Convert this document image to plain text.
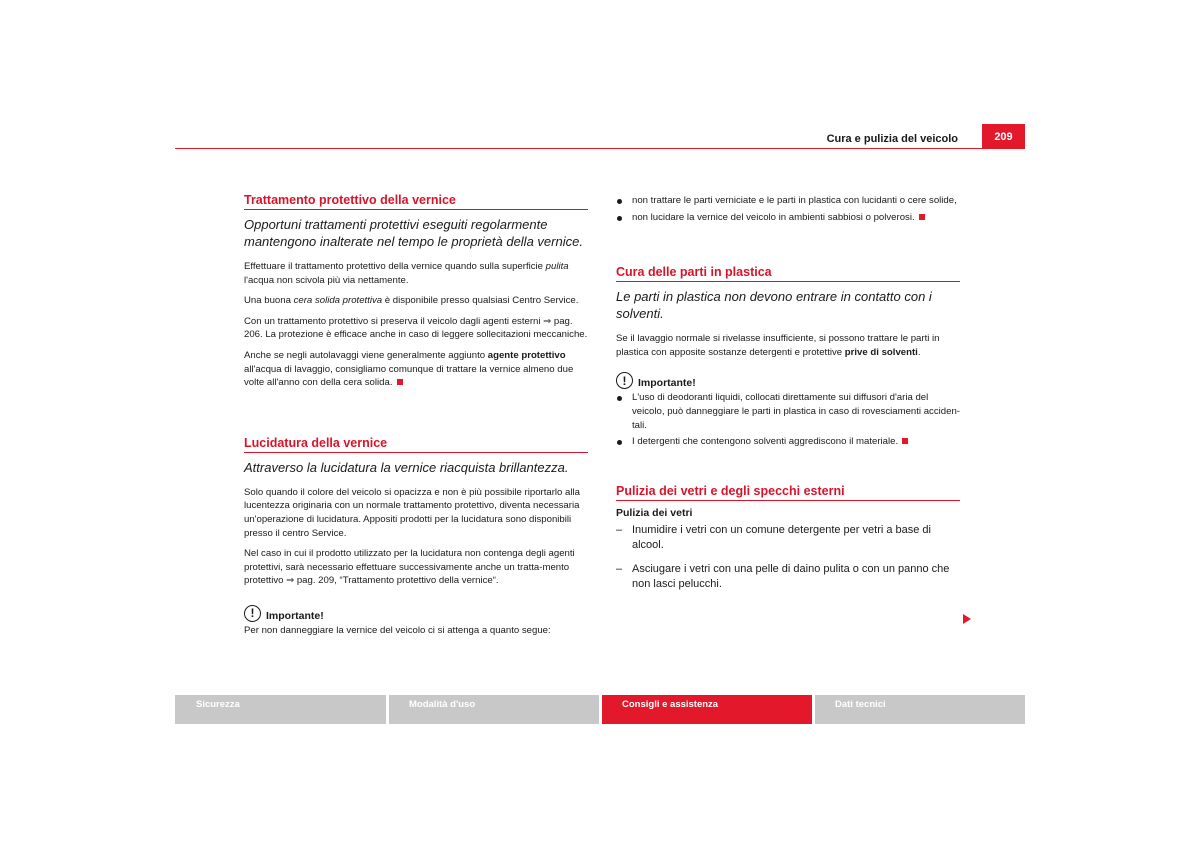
Cura e pulizia del veicolo	209
Trattamento protettivo della vernice

Opportuni trattamenti protettivi eseguiti regolarmente mantengono inalterate nel tempo le proprietà della vernice.

Effettuare il trattamento protettivo della vernice quando sulla superficie pulita l'acqua non scivola più via nettamente.

Una buona cera solida protettiva è disponibile presso qualsiasi Centro Service.

Con un trattamento protettivo si preserva il veicolo dagli agenti esterni ⇒ pag. 206. La protezione è efficace anche in caso di leggere sollecitazioni meccaniche.

Anche se negli autolavaggi viene generalmente aggiunto agente protettivo all'acqua di lavaggio, consigliamo comunque di trattare la vernice almeno due volte all'anno con della cera solida.

Lucidatura della vernice

Attraverso la lucidatura la vernice riacquista brillantezza.

Solo quando il colore del veicolo si opacizza e non è più possibile riportarlo alla lucentezza originaria con un normale trattamento protettivo, diventa necessaria un'operazione di lucidatura. Appositi prodotti per la lucidatura sono disponibili presso il centro Service.

Nel caso in cui il prodotto utilizzato per la lucidatura non contenga degli agenti protettivi, sarà necessario effettuare successivamente anche un tratta-mento protettivo ⇒ pag. 209, “Trattamento protettivo della vernice“.

!	Importante!

Per non danneggiare la vernice del veicolo ci si attenga a quanto segue:

non trattare le parti verniciate e le parti in plastica con lucidanti o cere solide,
non lucidare la vernice del veicolo in ambienti sabbiosi o polverosi.
Cura delle parti in plastica

Le parti in plastica non devono entrare in contatto con i solventi.

Se il lavaggio normale si rivelasse insufficiente, si possono trattare le parti in plastica con apposite sostanze detergenti e protettive prive di solventi.

!	Importante!
L'uso di deodoranti liquidi, collocati direttamente sui diffusori d'aria del veicolo, può danneggiare le parti in plastica in caso di rovesciamenti acciden-tali.
I detergenti che contengono solventi aggrediscono il materiale.
Pulizia dei vetri e degli specchi esterni
Pulizia dei vetri
– Inumidire i vetri con un comune detergente per vetri a base di alcool.
– Asciugare i vetri con una pelle di daino pulita o con un panno che non lasci pelucchi.
Sicurezza	Modalità d'uso	Consigli e assistenza	Dati tecnici
